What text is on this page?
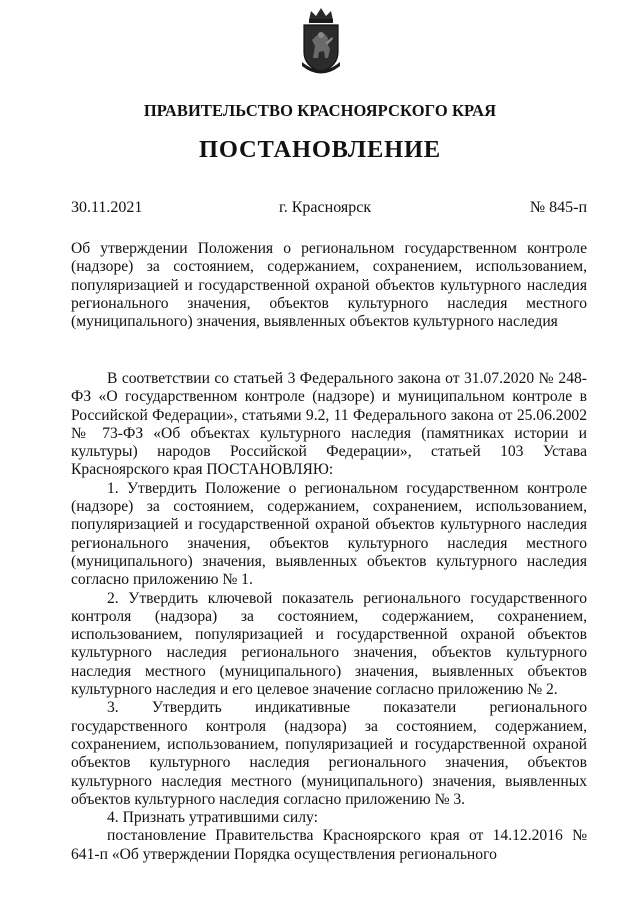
ПРАВИТЕЛЬСТВО КРАСНОЯРСКОГО КРАЯ
ПОСТАНОВЛЕНИЕ
30.11.2021	г. Красноярск	№ 845-п

Об утверждении Положения о региональном государственном контроле (надзоре) за состоянием, содержанием, сохранением, использованием, популяризацией и государственной охраной объектов культурного наследия регионального значения, объектов культурного наследия местного (муниципального) значения, выявленных объектов культурного наследия

В соответствии со статьей 3 Федерального закона от 31.07.2020 № 248-ФЗ «О государственном контроле (надзоре) и муниципальном контроле в Российской Федерации», статьями 9.2, 11 Федерального закона от 25.06.2002 № 73-ФЗ «Об объектах культурного наследия (памятниках истории и культуры) народов Российской Федерации», статьей 103 Устава Красноярского края ПОСТАНОВЛЯЮ:

1. Утвердить Положение о региональном государственном контроле (надзоре) за состоянием, содержанием, сохранением, использованием, популяризацией и государственной охраной объектов культурного наследия регионального значения, объектов культурного наследия местного (муниципального) значения, выявленных объектов культурного наследия согласно приложению № 1.

2. Утвердить ключевой показатель регионального государственного контроля (надзора) за состоянием, содержанием, сохранением, использованием, популяризацией и государственной охраной объектов культурного наследия регионального значения, объектов культурного наследия местного (муниципального) значения, выявленных объектов культурного наследия и его целевое значение согласно приложению № 2.

3. Утвердить индикативные показатели регионального государственного контроля (надзора) за состоянием, содержанием, сохранением, использованием, популяризацией и государственной охраной объектов культурного наследия регионального значения, объектов культурного наследия местного (муниципального) значения, выявленных объектов культурного наследия согласно приложению № 3.

4. Признать утратившими силу:

постановление Правительства Красноярского края от 14.12.2016 № 641-п «Об утверждении Порядка осуществления регионального
